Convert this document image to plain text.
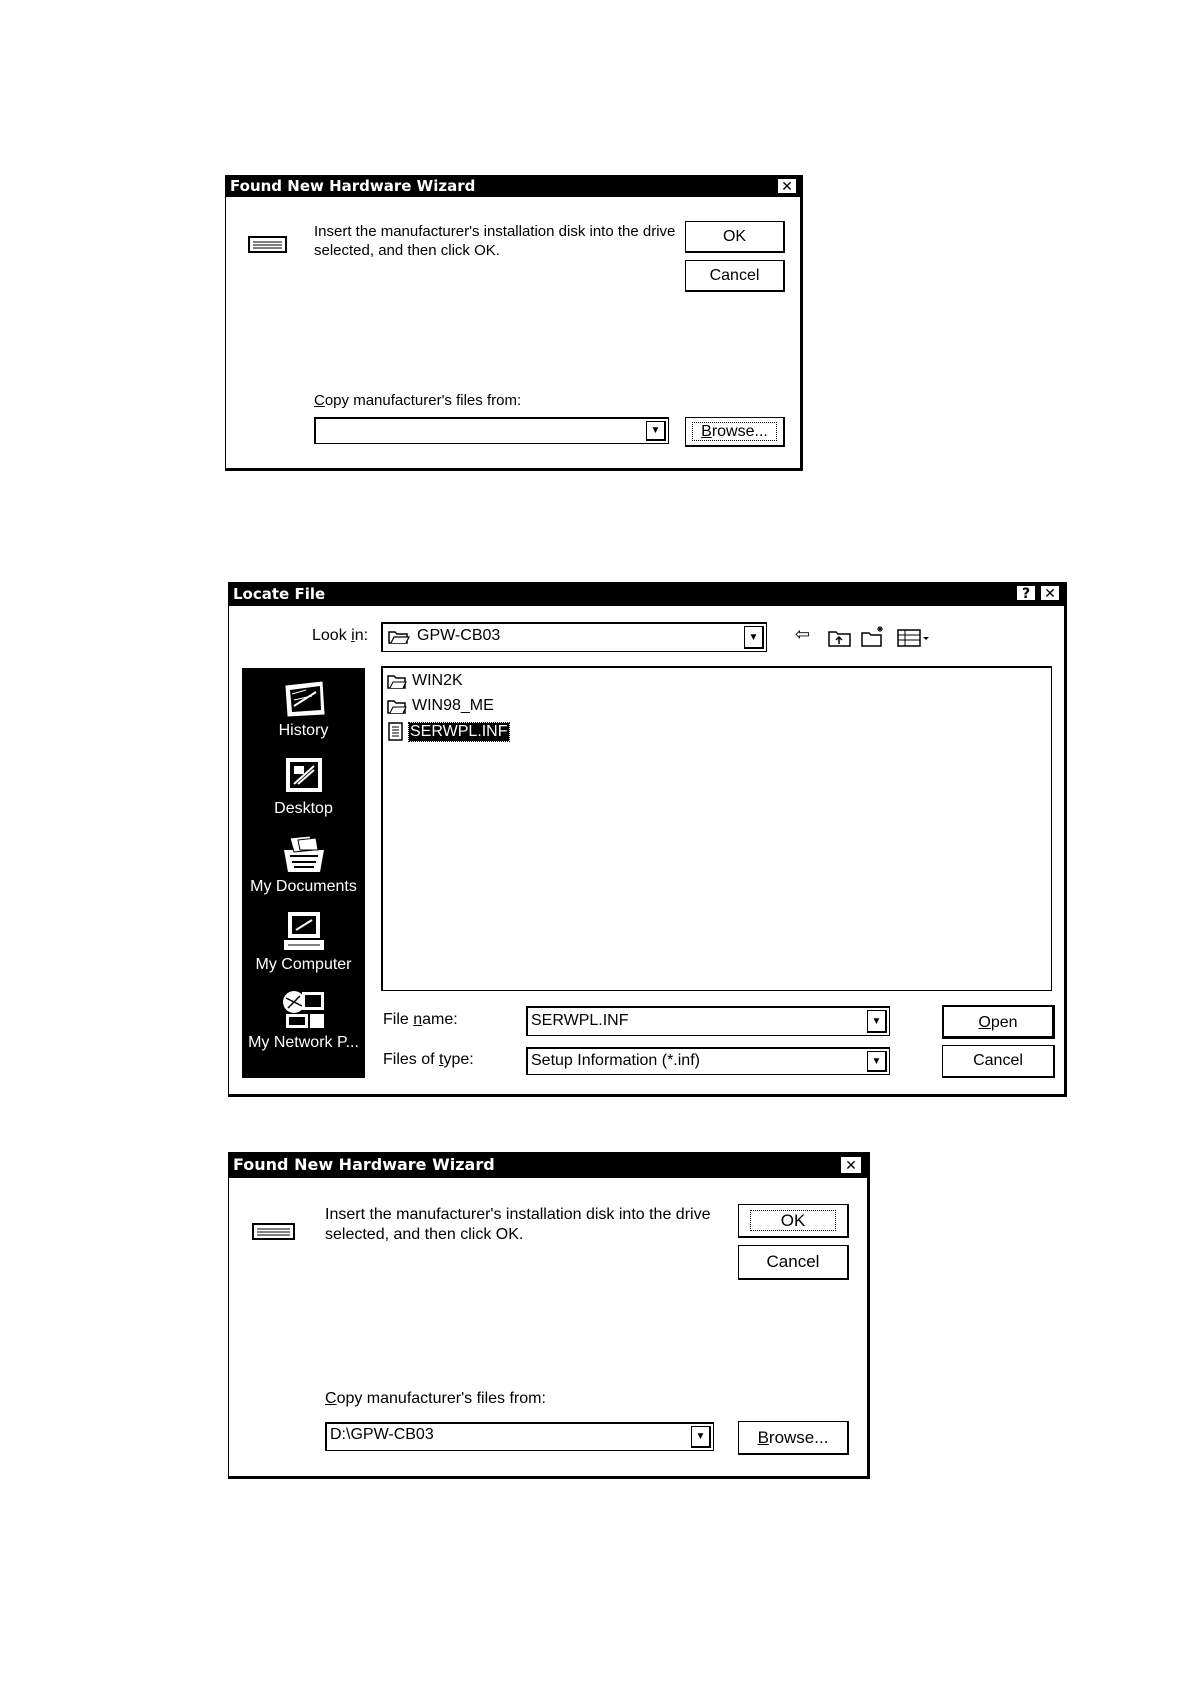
Found New Hardware Wizard	✕
Insert the manufacturer's installation disk into the drive
selected, and then click OK.
OK
Cancel
Copy manufacturer's files from:
▼	Browse...
Locate File	?	✕
Look in:	GPW-CB03	▼	⇦
History
Desktop
My Documents
My Computer
My Network P...
WIN2K
WIN98_ME
SERWPL.INF
File name:	SERWPL.INF	▼
Files of type:	Setup Information (*.inf)	▼
Open
Cancel
Found New Hardware Wizard	✕
Insert the manufacturer's installation disk into the drive
selected, and then click OK.
OK
Cancel
Copy manufacturer's files from:
D:\GPW-CB03	▼	Browse...
